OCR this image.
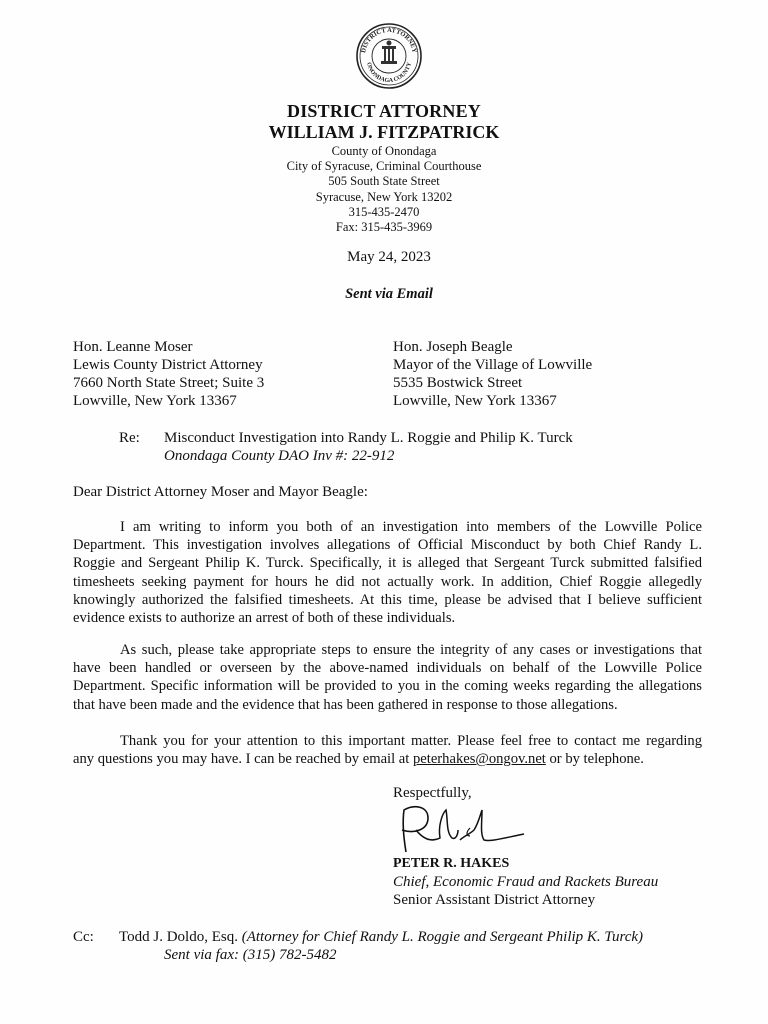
DISTRICT ATTORNEY
ONONDAGA COUNTY
DISTRICT ATTORNEY
WILLIAM J. FITZPATRICK
County of Onondaga
City of Syracuse, Criminal Courthouse
505 South State Street
Syracuse, New York 13202
315-435-2470
Fax: 315-435-3969
May 24, 2023
Sent via Email
Hon. Leanne Moser
Lewis County District Attorney
7660 North State Street; Suite 3
Lowville, New York 13367
Hon. Joseph Beagle
Mayor of the Village of Lowville
5535 Bostwick Street
Lowville, New York 13367
Re: Misconduct Investigation into Randy L. Roggie and Philip K. Turck
Onondaga County DAO Inv #: 22-912
Dear District Attorney Moser and Mayor Beagle:
I am writing to inform you both of an investigation into members of the Lowville Police
Department. This investigation involves allegations of Official Misconduct by both Chief Randy L.
Roggie and Sergeant Philip K. Turck. Specifically, it is alleged that Sergeant Turck submitted falsified
timesheets seeking payment for hours he did not actually work. In addition, Chief Roggie allegedly
knowingly authorized the falsified timesheets. At this time, please be advised that I believe sufficient
evidence exists to authorize an arrest of both of these individuals.
As such, please take appropriate steps to ensure the integrity of any cases or investigations that
have been handled or overseen by the above-named individuals on behalf of the Lowville Police
Department. Specific information will be provided to you in the coming weeks regarding the allegations
that have been made and the evidence that has been gathered in response to those allegations.
Thank you for your attention to this important matter. Please feel free to contact me regarding
any questions you may have. I can be reached by email at peterhakes@ongov.net or by telephone.
Respectfully,
PETER R. HAKES
Chief, Economic Fraud and Rackets Bureau
Senior Assistant District Attorney
Cc: Todd J. Doldo, Esq. (Attorney for Chief Randy L. Roggie and Sergeant Philip K. Turck)
Sent via fax: (315) 782-5482
